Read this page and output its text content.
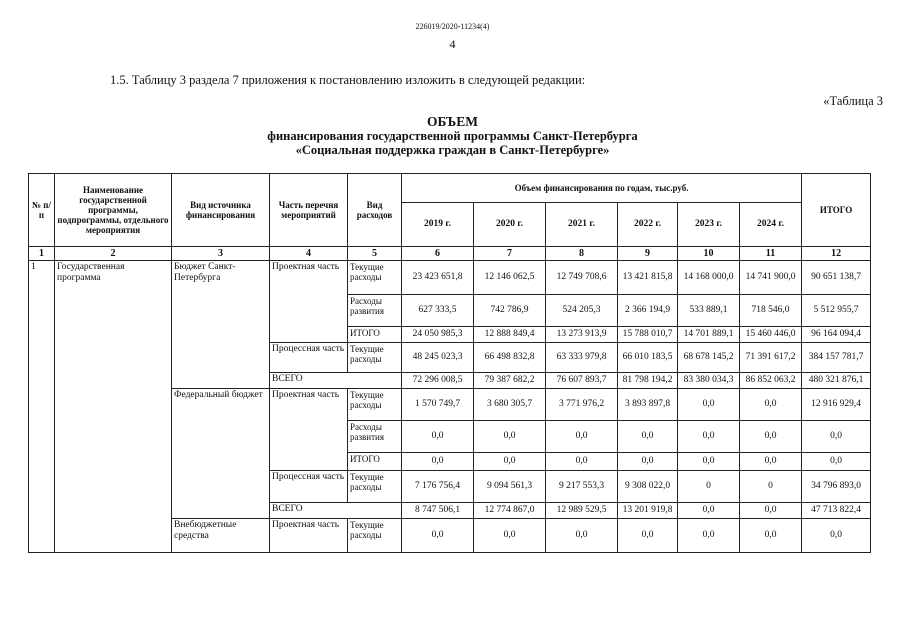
226019/2020-11234(4)
4
1.5. Таблицу 3 раздела 7 приложения к постановлению изложить в следующей редакции:
«Таблица 3
ОБЪЕМ
финансирования государственной программы Санкт-Петербурга
«Социальная поддержка граждан в Санкт-Петербурге»
№ п/п	Наименование государственной программы, подпрограммы, отдельного мероприятия	Вид источника финансирования	Часть перечня мероприятий	Вид расходов	Объем финансирования по годам, тыс.руб.						ИТОГО
					2019 г.	2020 г.	2021 г.	2022 г.	2023 г.	2024 г.	
1	2	3	4	5	6	7	8	9	10	11	12
1	Государственная программа	Бюджет Санкт-Петербурга	Проектная часть	Текущие расходы	23 423 651,8	12 146 062,5	12 749 708,6	13 421 815,8	14 168 000,0	14 741 900,0	90 651 138,7
				Расходы развития	627 333,5	742 786,9	524 205,3	2 366 194,9	533 889,1	718 546,0	5 512 955,7
				ИТОГО	24 050 985,3	12 888 849,4	13 273 913,9	15 788 010,7	14 701 889,1	15 460 446,0	96 164 094,4
			Процессная часть	Текущие расходы	48 245 023,3	66 498 832,8	63 333 979,8	66 010 183,5	68 678 145,2	71 391 617,2	384 157 781,7
			ВСЕГО		72 296 008,5	79 387 682,2	76 607 893,7	81 798 194,2	83 380 034,3	86 852 063,2	480 321 876,1
		Федеральный бюджет	Проектная часть	Текущие расходы	1 570 749,7	3 680 305,7	3 771 976,2	3 893 897,8	0,0	0,0	12 916 929,4
				Расходы развития	0,0	0,0	0,0	0,0	0,0	0,0	0,0
				ИТОГО	0,0	0,0	0,0	0,0	0,0	0,0	0,0
			Процессная часть	Текущие расходы	7 176 756,4	9 094 561,3	9 217 553,3	9 308 022,0	0	0	34 796 893,0
			ВСЕГО		8 747 506,1	12 774 867,0	12 989 529,5	13 201 919,8	0,0	0,0	47 713 822,4
		Внебюджетные средства	Проектная часть	Текущие расходы	0,0	0,0	0,0	0,0	0,0	0,0	0,0
